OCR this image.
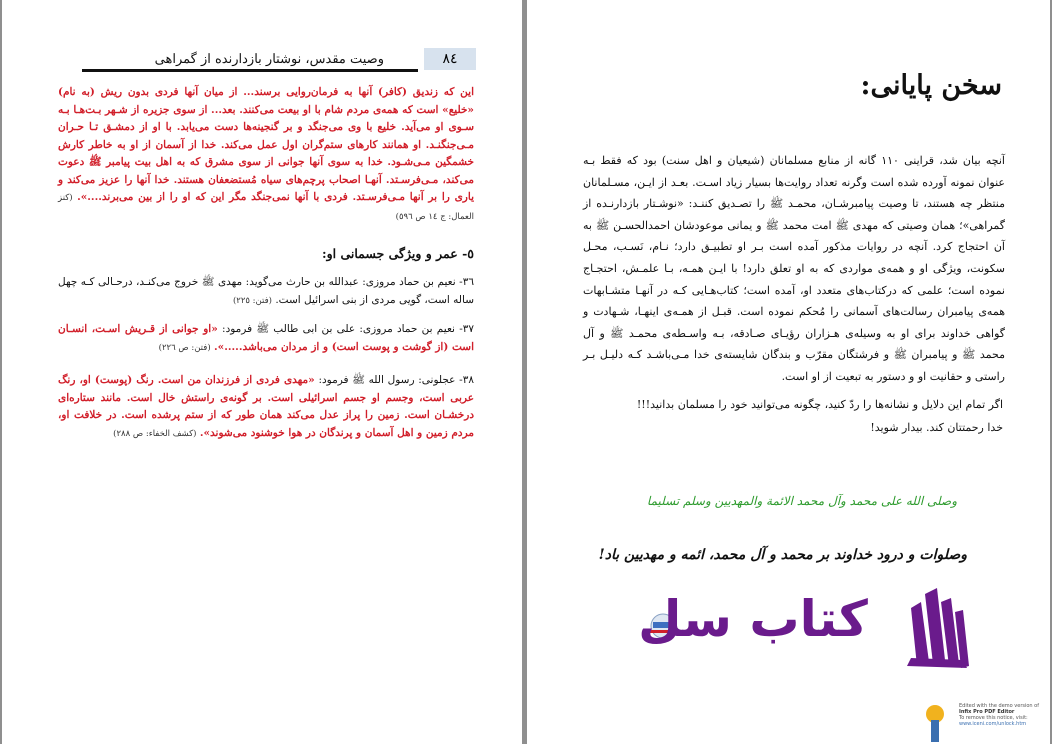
وصیت مقدس، نوشتار بازدارنده از گمراهی	٨٤
این که زندیق (کافر) آنها به فرمان‌روایی برسند... از میان آنها فردی بدون ریش (به نام) «خلیع» است که همه‌ی مردم شام با او بیعت می‌کنند. بعد... از سوی جزیره از شـهر بـت‌هـا بـه سـوی او می‌آید. خلیع با وی می‌جنگد و بر گنجینه‌ها دست می‌یابد. با او از دمشـق تـا حـران مـی‌جنگنـد. او همانند کارهای ستم‌گران اول عمل می‌کند. خدا از آسمان از او به خاطر کارش خشمگین مـی‌شـود. خدا به سوی آنها جوانی از سوی مشرق که به اهل بیت پیامبر ﷺ دعوت می‌کند، مـی‌فرسـتد. آنهـا اصحاب پرچم‌های سیاه مُستضعفان هستند. خدا آنها را عزیز می‌کند و یاری را بر آنها مـی‌فرسـتد. فردی با آنها نمی‌جنگد مگر این که او را از بین می‌برند....». (کنز العمال: ج ١٤ ص ٥٩٦)
٥- عمر و ویژگی جسمانی او:
٣٦- نعیم بن حماد مروزی: عبدالله بن حارث می‌گوید: مهدی ﷺ خروج می‌کنـد، درحـالی کـه چهل ساله است، گویی مردی از بنی اسرائیل است. (فتن: ٢٢٥)
٣٧- نعیم بن حماد مروزی: علی بن ابی طالب ﷺ فرمود: «او جوانی از قـریش اسـت، انسـان است (از گوشت و پوست است) و از مردان می‌باشد.....». (فتن: ص ٢٢٦)
٣٨- عجلونی: رسول الله ﷺ فرمود: «مهدی فردی از فرزندان من است. رنگ (پوست) او، رنگ عربی است، وجسم او جسم اسرائیلی است. بر گونه‌ی راستش خال است. مانند ستاره‌ای درخشـان است. زمین را پراز عدل می‌کند همان طور که از ستم پرشده است. در خلافت او، مردم زمین و اهل آسمان و پرندگان در هوا خوشنود می‌شوند». (کشف الخفاء: ص ٢٨٨)
سخن پایانی:
آنچه بیان شد، قراینی ١١٠ گانه از منابع مسلمانان (شیعیان و اهل سنت) بود که فقط بـه عنوان نمونه آورده شده است وگرنه تعداد روایت‌ها بسیار زیاد اسـت. بعـد از ایـن، مسـلمانان منتظر چه هستند، تا وصیت پیامبرشـان، محمـد ﷺ را تصـدیق کننـد: «نوشـتار بازدارنـده از گمراهی»؛ همان وصیتی که مهدی ﷺ امت محمد ﷺ و یمانی موعودشان احمدالحسـن ﷺ به آن احتجاج کرد. آنچه در روایات مذکور آمده است بـر او تطبیـق دارد؛ نـام، نَسـب، محـل سکونت، ویژگی او و همه‌ی مواردی که به او تعلق دارد! با ایـن همـه، بـا علمـش، احتجـاج نموده است؛ علمی که درکتاب‌های متعدد او، آمده است؛ کتاب‌هـایی کـه در آنهـا متشـابهات همه‌ی پیامبران رسالت‌های آسمانی را مُحکم نموده است. قبـل از همـه‌ی اینهـا، شـهادت و گواهی خداوند برای او به وسیله‌ی هـزاران رؤیـای صـادقه، بـه واسـطه‌ی محمـد ﷺ و آل محمد ﷺ و پیامبران ﷺ و فرشتگان مقرّب و بندگان شایسته‌ی خدا مـی‌باشـد کـه دلیـل بـر راستی و حقانیت او و دستور به تبعیت از او است.
اگر تمام این دلایل و نشانه‌ها را ردّ کنید، چگونه می‌توانید خود را مسلمان بدانید!!!
خدا رحمتتان کند. بیدار شوید!
وصلی الله علی محمد وآل محمد الائمة والمهديين وسلم تسليما
وصلوات و درود خداوند بر محمد و آل محمد، ائمه و مهدیین باد!
کتاب سل
Edited with the demo version of
Infix Pro PDF Editor
To remove this notice, visit:
www.iceni.com/unlock.htm
